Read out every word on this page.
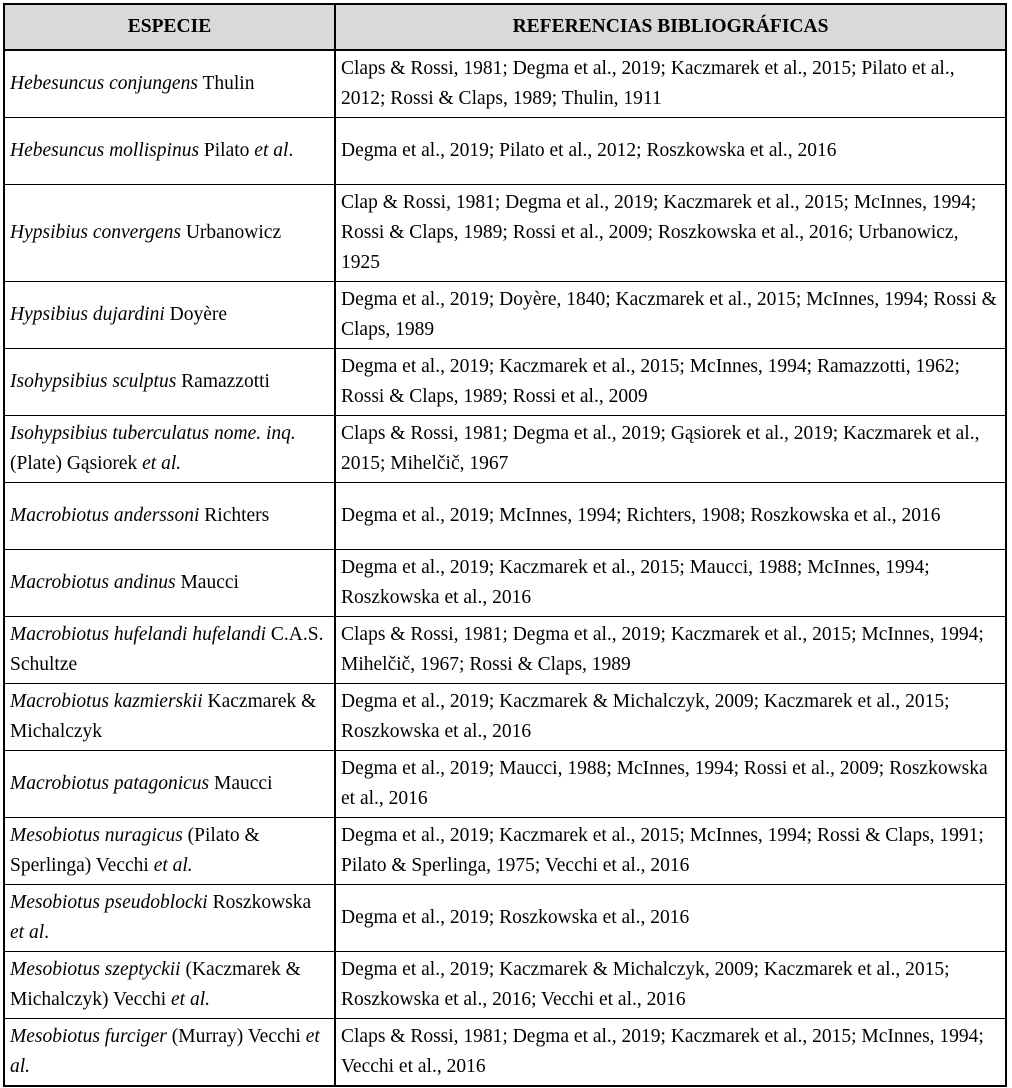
ESPECIE	REFERENCIAS BIBLIOGRÁFICAS
Hebesuncus conjungens Thulin	Claps & Rossi, 1981; Degma et al., 2019; Kaczmarek et al., 2015; Pilato et al., 2012; Rossi & Claps, 1989; Thulin, 1911
Hebesuncus mollispinus Pilato et al.	Degma et al., 2019; Pilato et al., 2012; Roszkowska et al., 2016
Hypsibius convergens Urbanowicz	Clap & Rossi, 1981; Degma et al., 2019; Kaczmarek et al., 2015; McInnes, 1994; Rossi & Claps, 1989; Rossi et al., 2009; Roszkowska et al., 2016; Urbanowicz, 1925
Hypsibius dujardini Doyère	Degma et al., 2019; Doyère, 1840; Kaczmarek et al., 2015; McInnes, 1994; Rossi & Claps, 1989
Isohypsibius sculptus Ramazzotti	Degma et al., 2019; Kaczmarek et al., 2015; McInnes, 1994; Ramazzotti, 1962; Rossi & Claps, 1989; Rossi et al., 2009
Isohypsibius tuberculatus nome. inq. (Plate) Gąsiorek et al.	Claps & Rossi, 1981; Degma et al., 2019; Gąsiorek et al., 2019; Kaczmarek et al., 2015; Mihelčič, 1967
Macrobiotus anderssoni Richters	Degma et al., 2019; McInnes, 1994; Richters, 1908; Roszkowska et al., 2016
Macrobiotus andinus Maucci	Degma et al., 2019; Kaczmarek et al., 2015; Maucci, 1988; McInnes, 1994; Roszkowska et al., 2016
Macrobiotus hufelandi hufelandi C.A.S. Schultze	Claps & Rossi, 1981; Degma et al., 2019; Kaczmarek et al., 2015; McInnes, 1994; Mihelčič, 1967; Rossi & Claps, 1989
Macrobiotus kazmierskii Kaczmarek & Michalczyk	Degma et al., 2019; Kaczmarek & Michalczyk, 2009; Kaczmarek et al., 2015; Roszkowska et al., 2016
Macrobiotus patagonicus Maucci	Degma et al., 2019; Maucci, 1988; McInnes, 1994; Rossi et al., 2009; Roszkowska et al., 2016
Mesobiotus nuragicus (Pilato & Sperlinga) Vecchi et al.	Degma et al., 2019; Kaczmarek et al., 2015; McInnes, 1994; Rossi & Claps, 1991; Pilato & Sperlinga, 1975; Vecchi et al., 2016
Mesobiotus pseudoblocki Roszkowska et al.	Degma et al., 2019; Roszkowska et al., 2016
Mesobiotus szeptyckii (Kaczmarek & Michalczyk) Vecchi et al.	Degma et al., 2019; Kaczmarek & Michalczyk, 2009; Kaczmarek et al., 2015; Roszkowska et al., 2016; Vecchi et al., 2016
Mesobiotus furciger (Murray) Vecchi et al.	Claps & Rossi, 1981; Degma et al., 2019; Kaczmarek et al., 2015; McInnes, 1994; Vecchi et al., 2016
